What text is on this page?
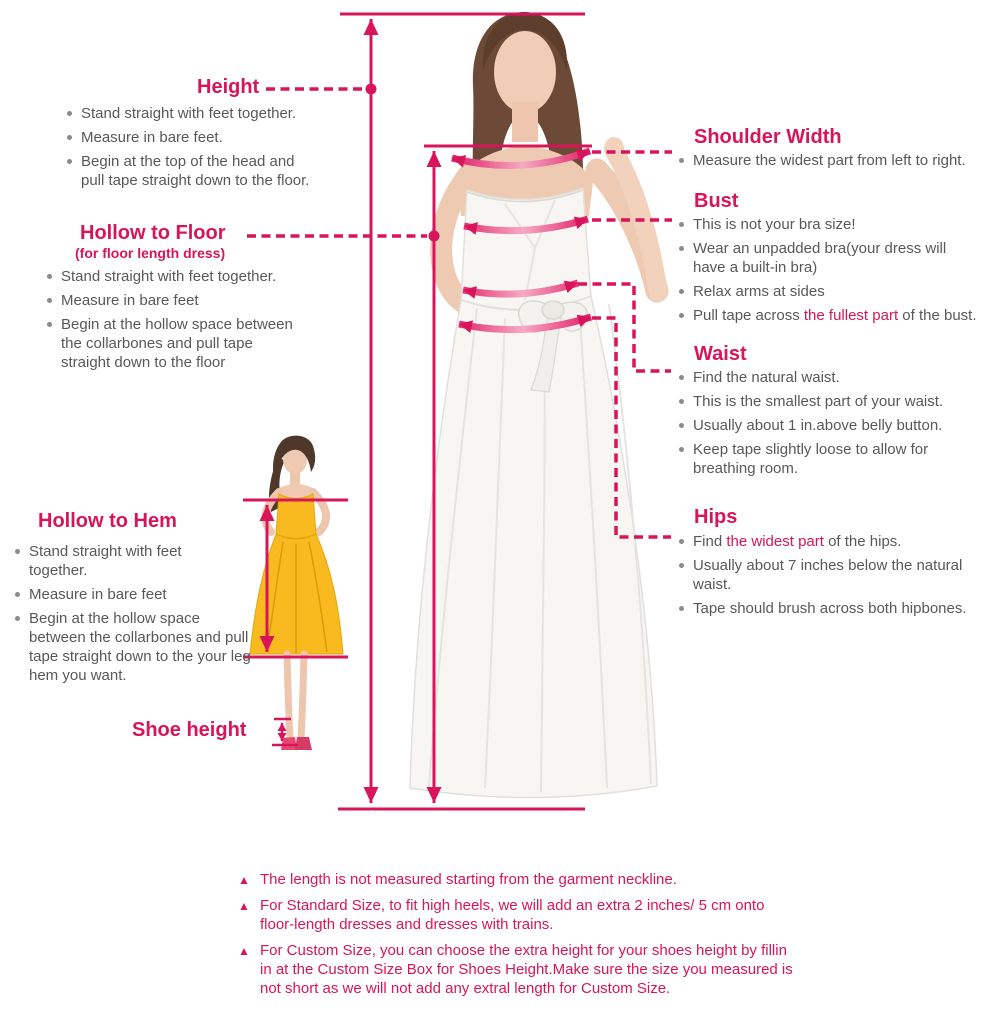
Height
Stand straight with feet together.
Measure in bare feet.
Begin at the top of the head and
pull tape straight down to the floor.
Hollow to Floor

(for floor length dress)

Stand straight with feet together.
Measure in bare feet
Begin at the hollow space between
the collarbones and pull tape
straight down to the floor
Hollow to Hem
Stand straight with feet
together.
Measure in bare feet
Begin at the hollow space
between the collarbones and pull
tape straight down to the your leg
hem you want.
Shoe height
Shoulder Width
Measure the widest part from left to right.
Bust
This is not your bra size!
Wear an unpadded bra(your dress will
have a built-in bra)
Relax arms at sides
Pull tape across the fullest part of the bust.
Waist
Find the natural waist.
This is the smallest part of your waist.
Usually about 1 in.above belly button.
Keep tape slightly loose to allow for
breathing room.
Hips
Find the widest part of the hips.
Usually about 7 inches below the natural
waist.
Tape should brush across both hipbones.
▲ The length is not measured starting from the garment neckline.
▲ For Standard Size, to fit high heels, we will add an extra 2 inches/ 5 cm onto
floor-length dresses and dresses with trains.
▲ For Custom Size, you can choose the extra height for your shoes height by fillin
in at the Custom Size Box for Shoes Height.Make sure the size you measured is
not short as we will not add any extral length for Custom Size.
